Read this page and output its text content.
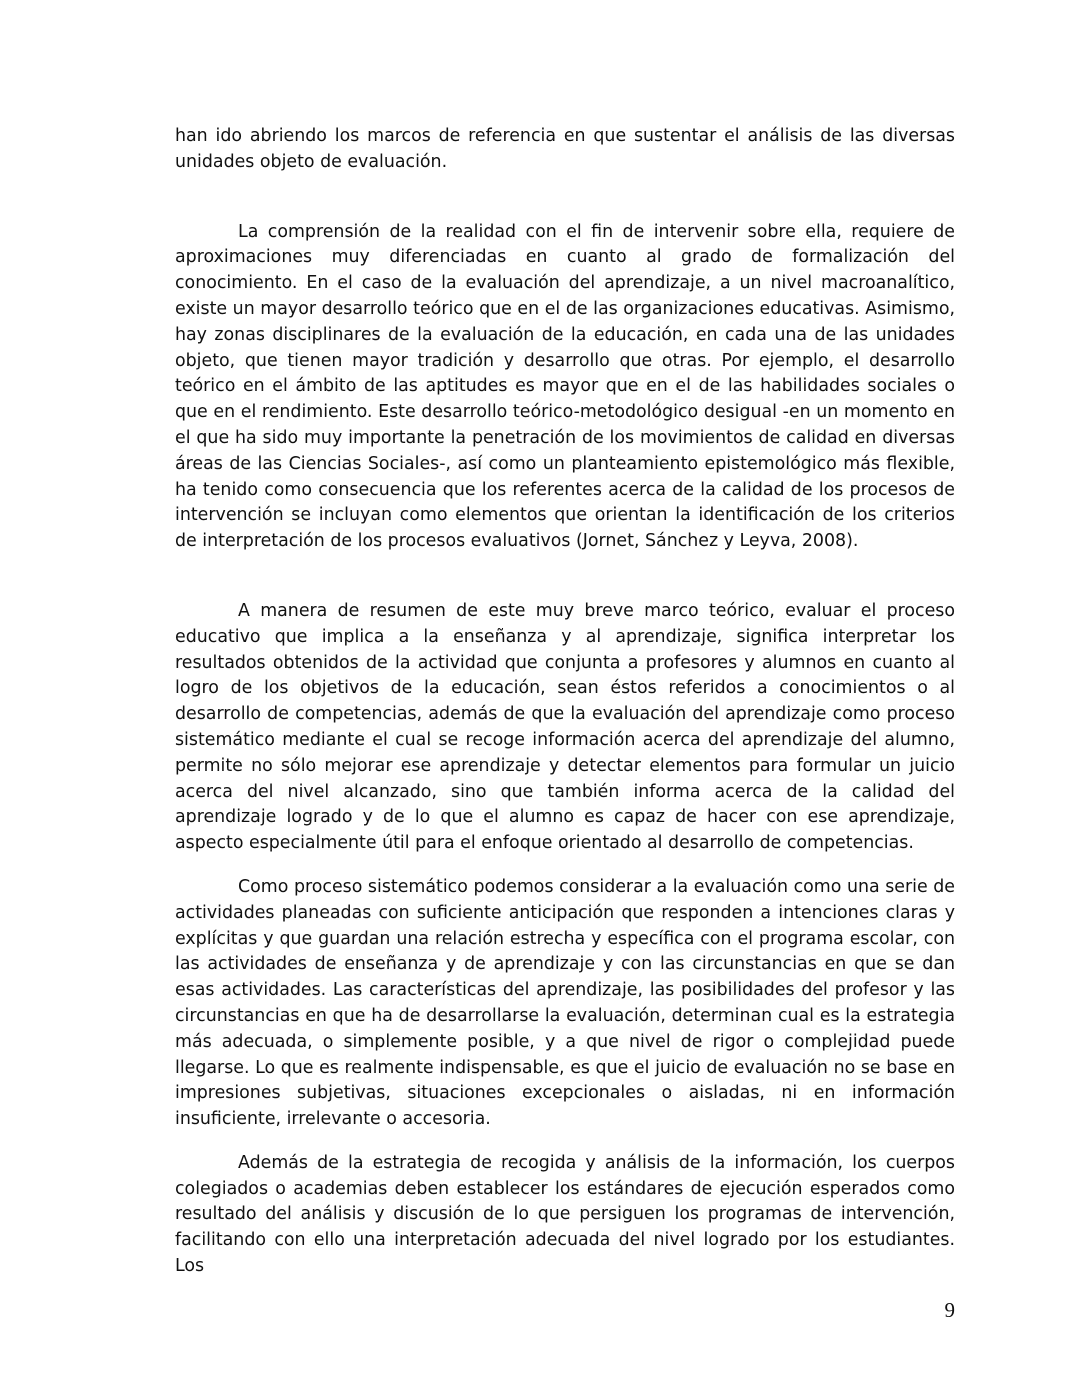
han ido abriendo los marcos de referencia en que sustentar el análisis de las diversas unidades objeto de evaluación.

La comprensión de la realidad con el fin de intervenir sobre ella, requiere de aproximaciones muy diferenciadas en cuanto al grado de formalización del conocimiento. En el caso de la evaluación del aprendizaje, a un nivel macroanalítico, existe un mayor desarrollo teórico que en el de las organizaciones educativas. Asimismo, hay zonas disciplinares de la evaluación de la educación, en cada una de las unidades objeto, que tienen mayor tradición y desarrollo que otras. Por ejemplo, el desarrollo teórico en el ámbito de las aptitudes es mayor que en el de las habilidades sociales o que en el rendimiento. Este desarrollo teórico-metodológico desigual -en un momento en el que ha sido muy importante la penetración de los movimientos de calidad en diversas áreas de las Ciencias Sociales-, así como un planteamiento epistemológico más flexible, ha tenido como consecuencia que los referentes acerca de la calidad de los procesos de intervención se incluyan como elementos que orientan la identificación de los criterios de interpretación de los procesos evaluativos (Jornet, Sánchez y Leyva, 2008).

A manera de resumen de este muy breve marco teórico, evaluar el proceso educativo que implica a la enseñanza y al aprendizaje, significa interpretar los resultados obtenidos de la actividad que conjunta a profesores y alumnos en cuanto al logro de los objetivos de la educación, sean éstos referidos a conocimientos o al desarrollo de competencias, además de que la evaluación del aprendizaje como proceso sistemático mediante el cual se recoge información acerca del aprendizaje del alumno, permite no sólo mejorar ese aprendizaje y detectar elementos para formular un juicio acerca del nivel alcanzado, sino que también informa acerca de la calidad del aprendizaje logrado y de lo que el alumno es capaz de hacer con ese aprendizaje, aspecto especialmente útil para el enfoque orientado al desarrollo de competencias.

Como proceso sistemático podemos considerar a la evaluación como una serie de actividades planeadas con suficiente anticipación que responden a intenciones claras y explícitas y que guardan una relación estrecha y específica con el programa escolar, con las actividades de enseñanza y de aprendizaje y con las circunstancias en que se dan esas actividades. Las características del aprendizaje, las posibilidades del profesor y las circunstancias en que ha de desarrollarse la evaluación, determinan cual es la estrategia más adecuada, o simplemente posible, y a que nivel de rigor o complejidad puede llegarse. Lo que es realmente indispensable, es que el juicio de evaluación no se base en impresiones subjetivas, situaciones excepcionales o aisladas, ni en información insuficiente, irrelevante o accesoria.

Además de la estrategia de recogida y análisis de la información, los cuerpos colegiados o academias deben establecer los estándares de ejecución esperados como resultado del análisis y discusión de lo que persiguen los programas de intervención, facilitando con ello una interpretación adecuada del nivel logrado por los estudiantes. Los

9
